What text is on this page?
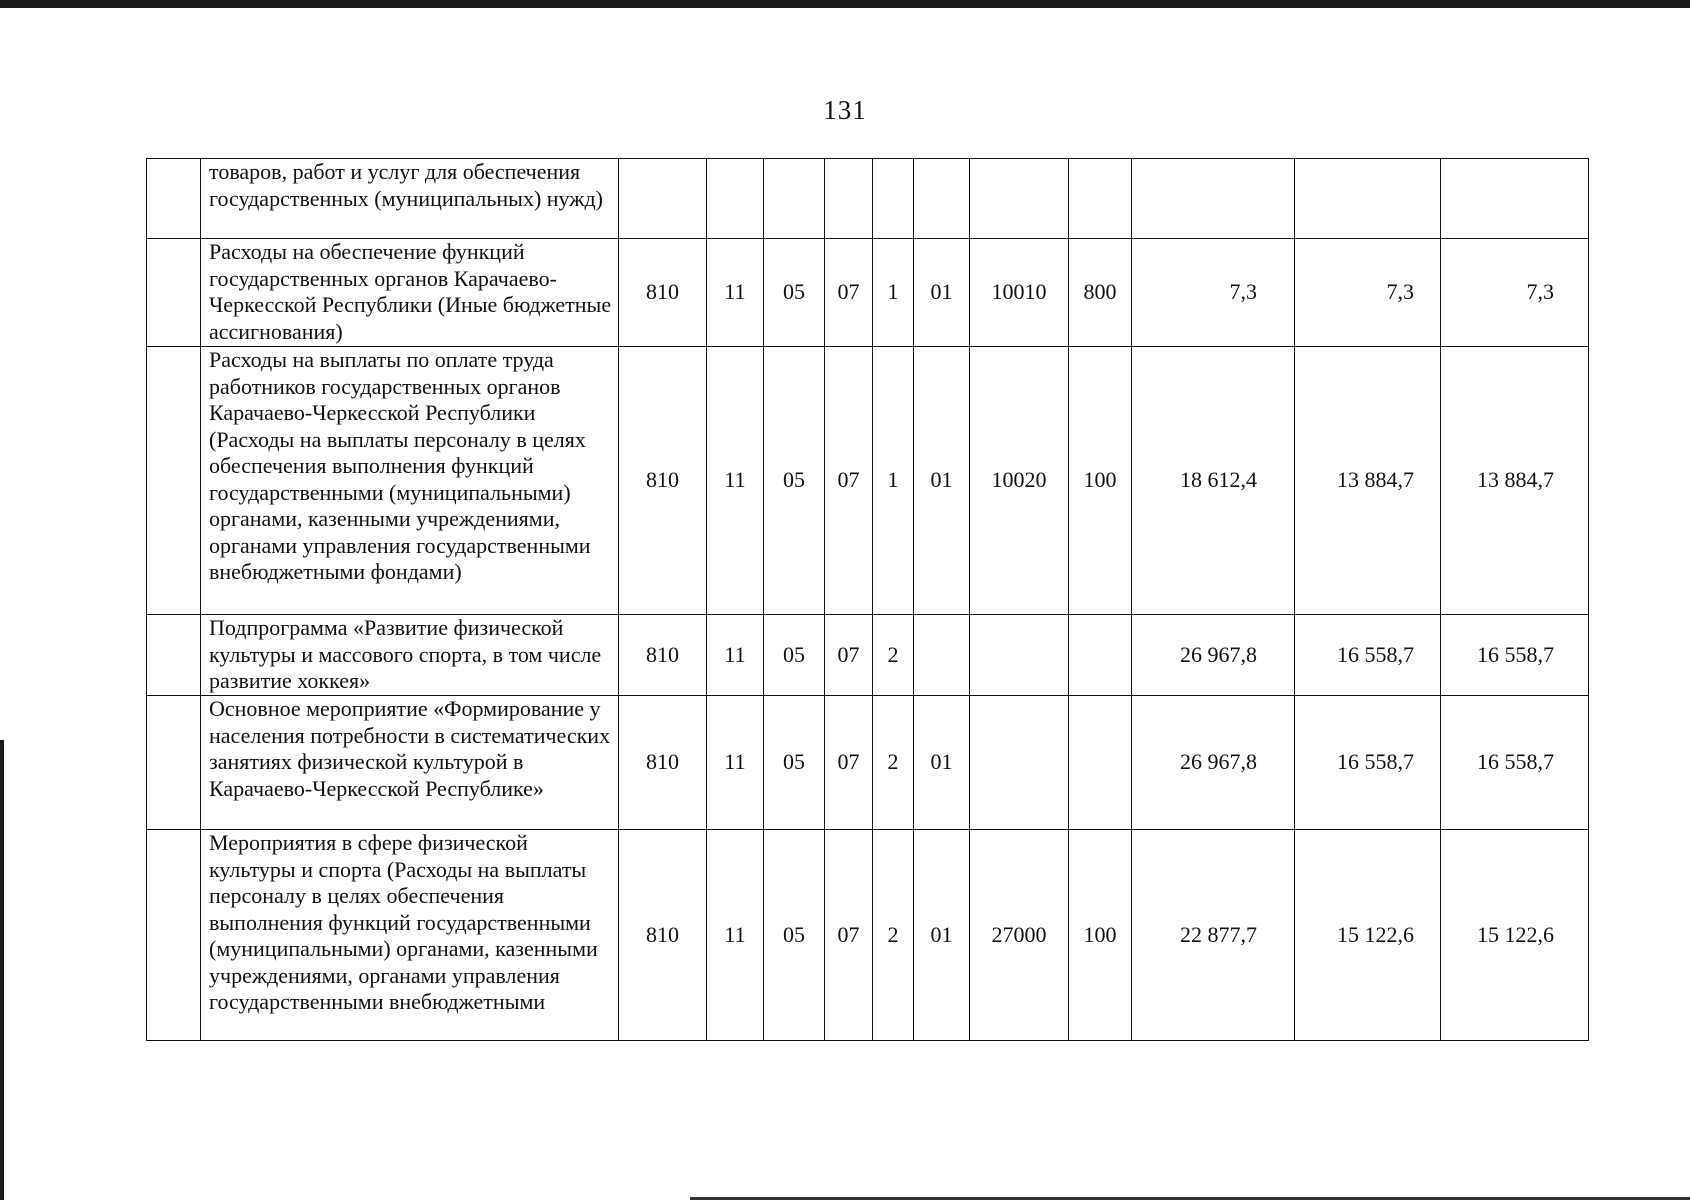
131
	товаров, работ и услуг для обеспечения государственных (муниципальных) нужд)											
	Расходы на обеспечение функций государственных органов Карачаево-Черкесской Республики (Иные бюджетные ассигнования)	810	11	05	07	1	01	10010	800	7,3	7,3	7,3
	Расходы на выплаты по оплате труда работников государственных органов Карачаево-Черкесской Республики (Расходы на выплаты персоналу в целях обеспечения выполнения функций государственными (муниципальными) органами, казенными учреждениями, органами управления государственными внебюджетными фондами)	810	11	05	07	1	01	10020	100	18 612,4	13 884,7	13 884,7
	Подпрограмма «Развитие физической культуры и массового спорта, в том числе развитие хоккея»	810	11	05	07	2				26 967,8	16 558,7	16 558,7
	Основное мероприятие «Формирование у населения потребности в систематических занятиях физической культурой в Карачаево-Черкесской Республике»	810	11	05	07	2	01			26 967,8	16 558,7	16 558,7
	Мероприятия в сфере физической культуры и спорта (Расходы на выплаты персоналу в целях обеспечения выполнения функций государственными (муниципальными) органами, казенными учреждениями, органами управления государственными внебюджетными	810	11	05	07	2	01	27000	100	22 877,7	15 122,6	15 122,6
